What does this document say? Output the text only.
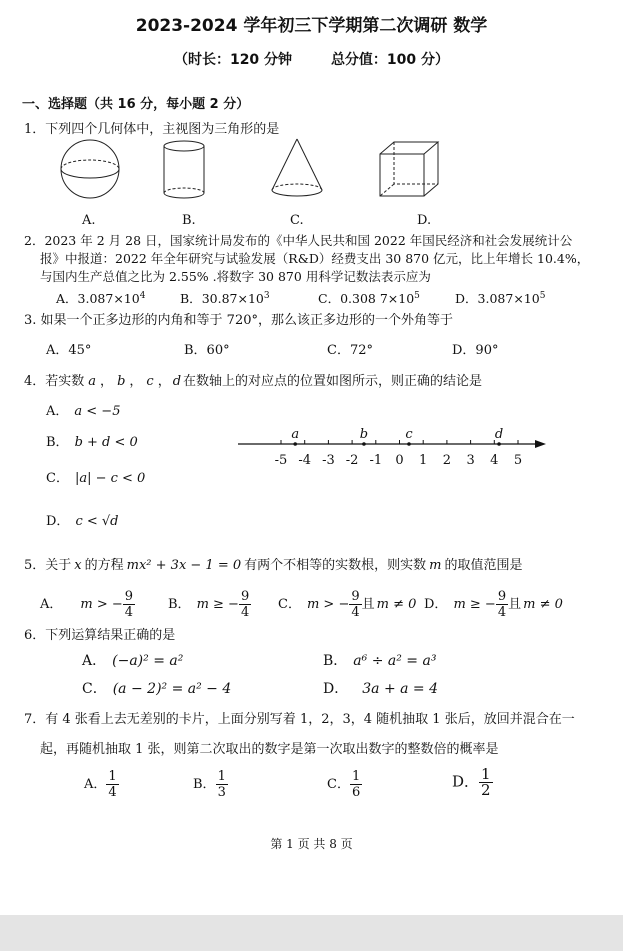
2023-2024 学年初三下学期第二次调研 数学
（时长：120 分钟	总分值：100 分）
一、选择题（共 16 分，每小题 2 分）
1．下列四个几何体中，主视图为三角形的是
A.	B.	C.	D.
2．2023 年 2 月 28 日，国家统计局发布的《中华人民共和国 2022 年国民经济和社会发展统计公
报》中报道：2022 年全年研究与试验发展（R&D）经费支出 30 870 亿元，比上年增长 10.4%，
与国内生产总值之比为 2.55% .将数字 30 870 用科学记数法表示应为
A．$3.087\times 10^4$	B．$30.87\times 10^3$	C．0.308 $7\times 10^5$	D．$3.087\times 10^5$
3. 如果一个正多边形的内角和等于 720°，那么该正多边形的一个外角等于
A．45°	B．60°	C．72°	D．90°
4．若实数 a ， b ， c ， d 在数轴上的对应点的位置如图所示，则正确的结论是
A． a < −5
B． b + d < 0
C． |a| − c < 0
D． c < √d
-5 -4 -3 -2 -1 0 1 2 3 4 5
a	b	c	d
5．关于 x 的方程 mx² + 3x − 1 = 0 有两个不相等的实数根，则实数 m 的取值范围是
A． m > − $\frac{9}{4}$	B． m ≥ − $\frac{9}{4}$ C． m > − $\frac{9}{4}$ 且 m ≠ 0 D． m ≥ − $\frac{9}{4}$ 且 m ≠ 0
6．下列运算结果正确的是
A． (−a)² = a²	B． a⁶ ÷ a² = a³
C． (a − 2)² = a² − 4	D． 3a + a = 4
7．有 4 张看上去无差别的卡片，上面分别写着 1，2，3，4 随机抽取 1 张后，放回并混合在一
起，再随机抽取 1 张，则第二次取出的数字是第一次取出数字的整数倍的概率是
A． $\frac{1}{4}$	B． $\frac{1}{3}$	C． $\frac{1}{6}$	D． $\frac{1}{2}$
第 1 页 共 8 页
